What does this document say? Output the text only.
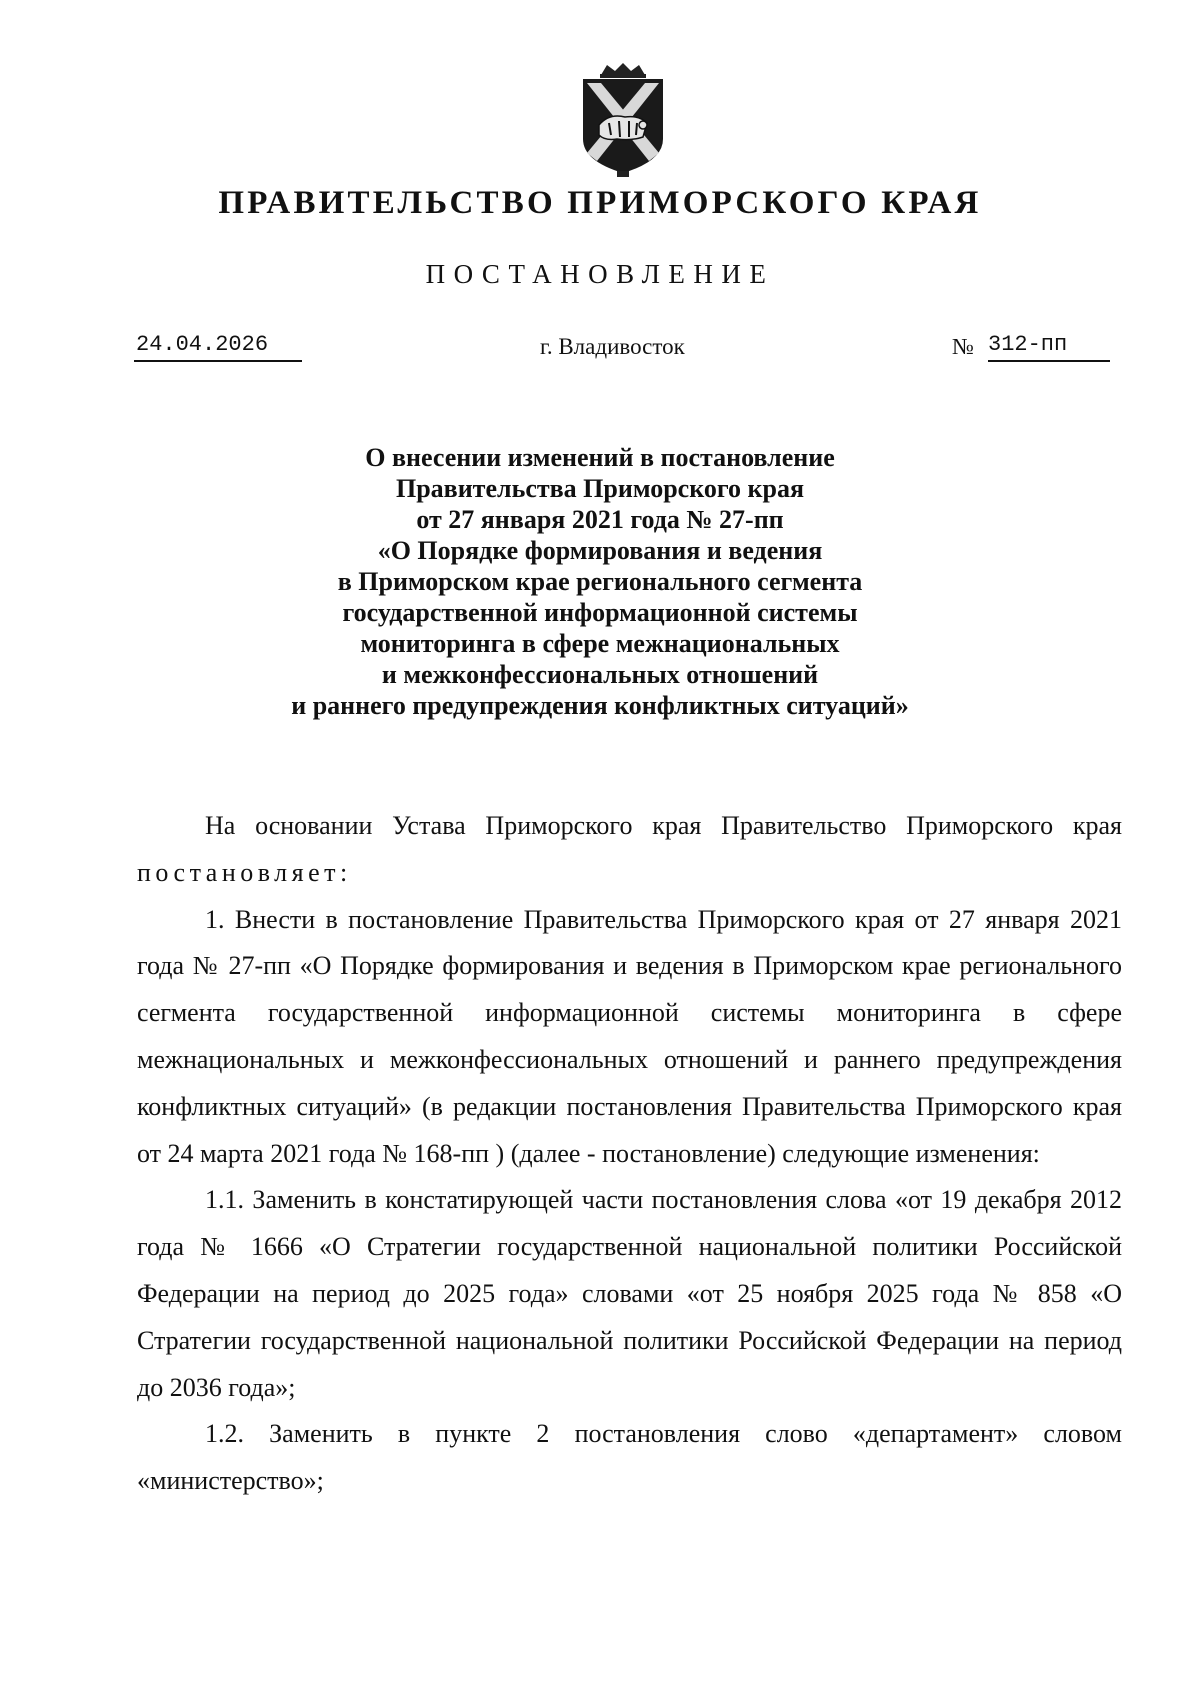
ПРАВИТЕЛЬСТВО ПРИМОРСКОГО КРАЯ
ПОСТАНОВЛЕНИЕ
24.04.2026	г. Владивосток	№ 312-пп
О внесении изменений в постановление
Правительства Приморского края
от 27 января 2021 года № 27-пп
«О Порядке формирования и ведения
в Приморском крае регионального сегмента
государственной информационной системы
мониторинга в сфере межнациональных
и межконфессиональных отношений
и раннего предупреждения конфликтных ситуаций»

На основании Устава Приморского края Правительство Приморского края постановляет:

1. Внести в постановление Правительства Приморского края от 27 января 2021 года № 27-пп «О Порядке формирования и ведения в Приморском крае регионального сегмента государственной информационной системы мониторинга в сфере межнациональных и межконфессиональных отношений и раннего предупреждения конфликтных ситуаций» (в редакции постановления Правительства Приморского края от 24 марта 2021 года № 168-пп ) (далее - постановление) следующие изменения:

1.1. Заменить в констатирующей части постановления слова «от 19 декабря 2012 года № 1666 «О Стратегии государственной национальной политики Российской Федерации на период до 2025 года» словами «от 25 ноября 2025 года № 858 «О Стратегии государственной национальной политики Российской Федерации на период до 2036 года»;

1.2. Заменить в пункте 2 постановления слово «департамент» словом «министерство»;
